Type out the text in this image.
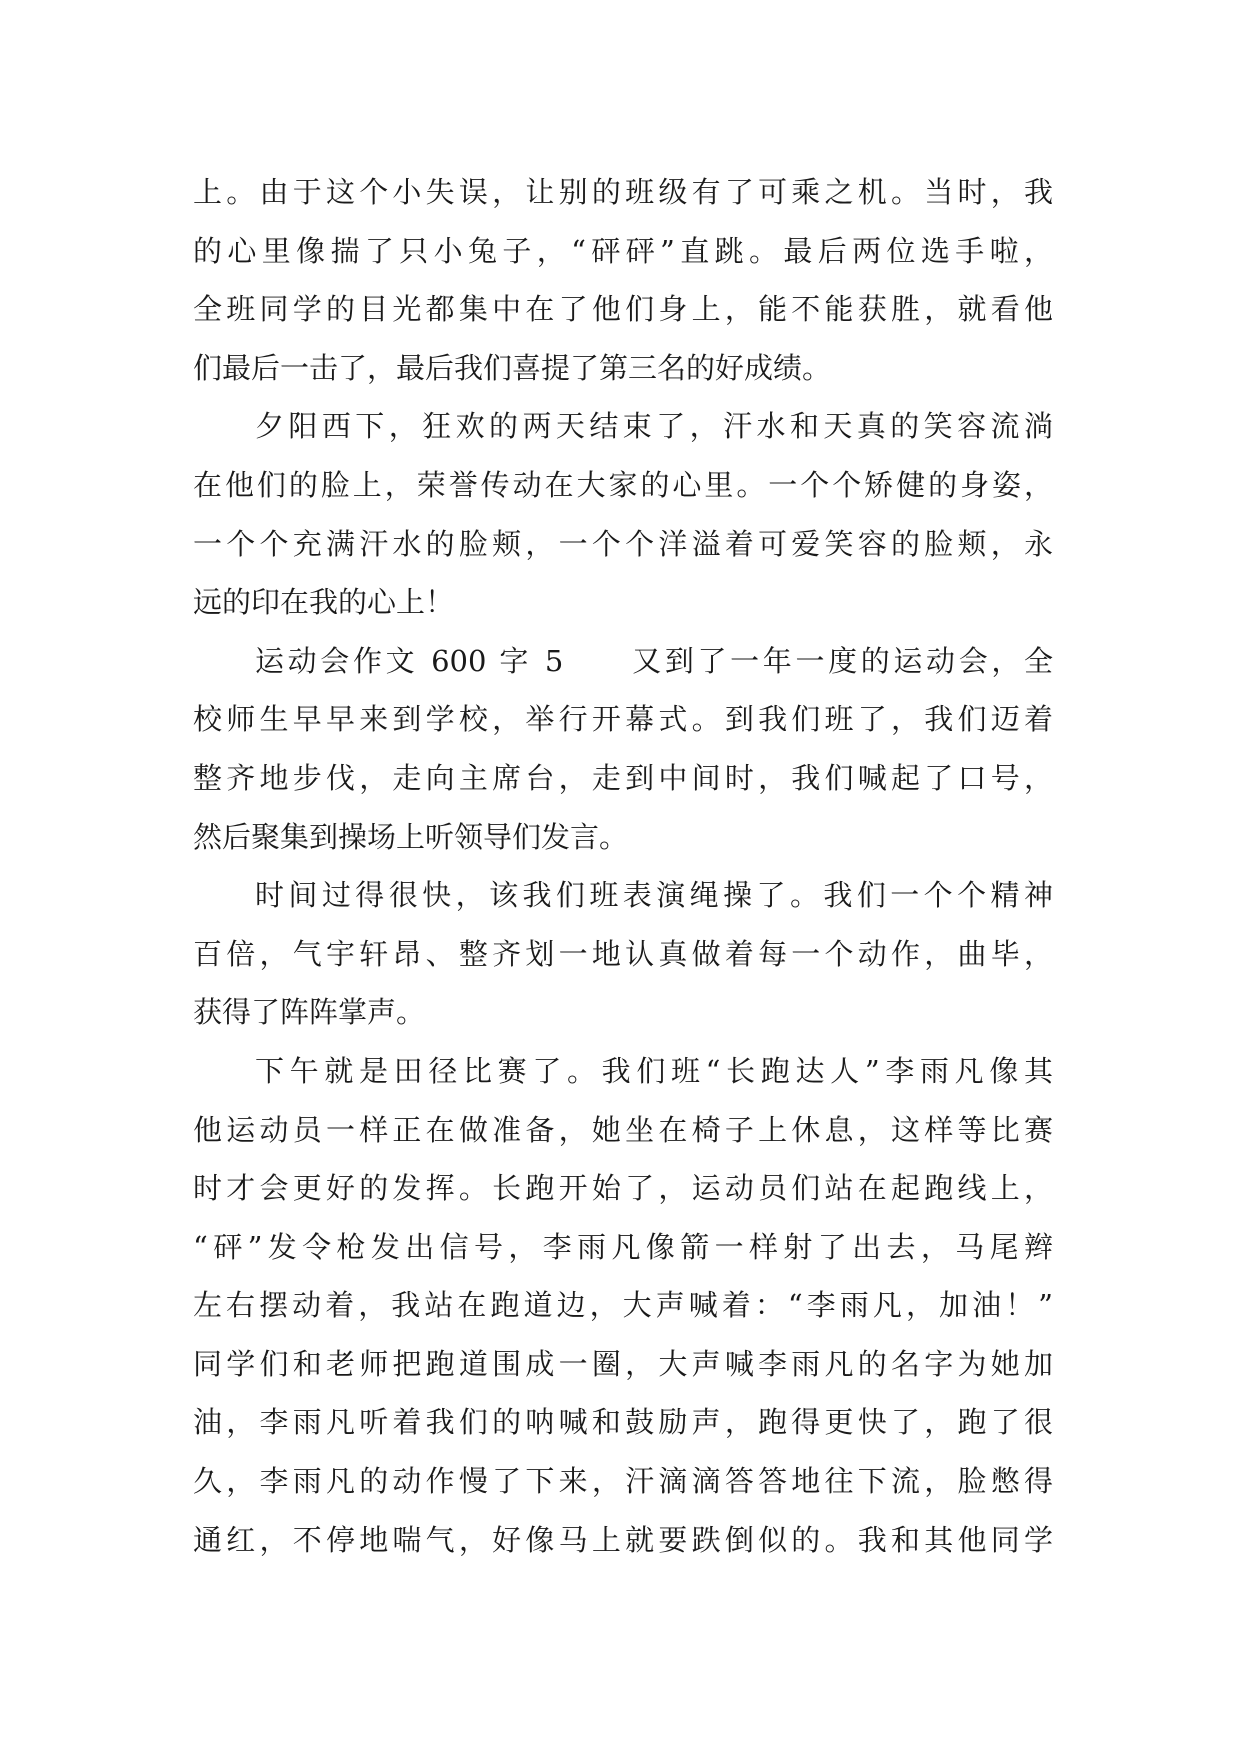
上。由于这个小失误，让别的班级有了可乘之机。当时，我
的心里像揣了只小兔子，“砰砰”直跳。最后两位选手啦，
全班同学的目光都集中在了他们身上，能不能获胜，就看他
们最后一击了，最后我们喜提了第三名的好成绩。
夕阳西下，狂欢的两天结束了，汗水和天真的笑容流淌
在他们的脸上，荣誉传动在大家的心里。一个个矫健的身姿，
一个个充满汗水的脸颊，一个个洋溢着可爱笑容的脸颊，永
远的印在我的心上！
运动会作文 600 字 5　　又到了一年一度的运动会，全
校师生早早来到学校，举行开幕式。到我们班了，我们迈着
整齐地步伐，走向主席台，走到中间时，我们喊起了口号，
然后聚集到操场上听领导们发言。
时间过得很快，该我们班表演绳操了。我们一个个精神
百倍，气宇轩昂、整齐划一地认真做着每一个动作，曲毕，
获得了阵阵掌声。
下午就是田径比赛了。我们班“长跑达人”李雨凡像其
他运动员一样正在做准备，她坐在椅子上休息，这样等比赛
时才会更好的发挥。长跑开始了，运动员们站在起跑线上，
“砰”发令枪发出信号，李雨凡像箭一样射了出去，马尾辫
左右摆动着，我站在跑道边，大声喊着：“李雨凡，加油！”
同学们和老师把跑道围成一圈，大声喊李雨凡的名字为她加
油，李雨凡听着我们的呐喊和鼓励声，跑得更快了，跑了很
久，李雨凡的动作慢了下来，汗滴滴答答地往下流，脸憋得
通红，不停地喘气，好像马上就要跌倒似的。我和其他同学
